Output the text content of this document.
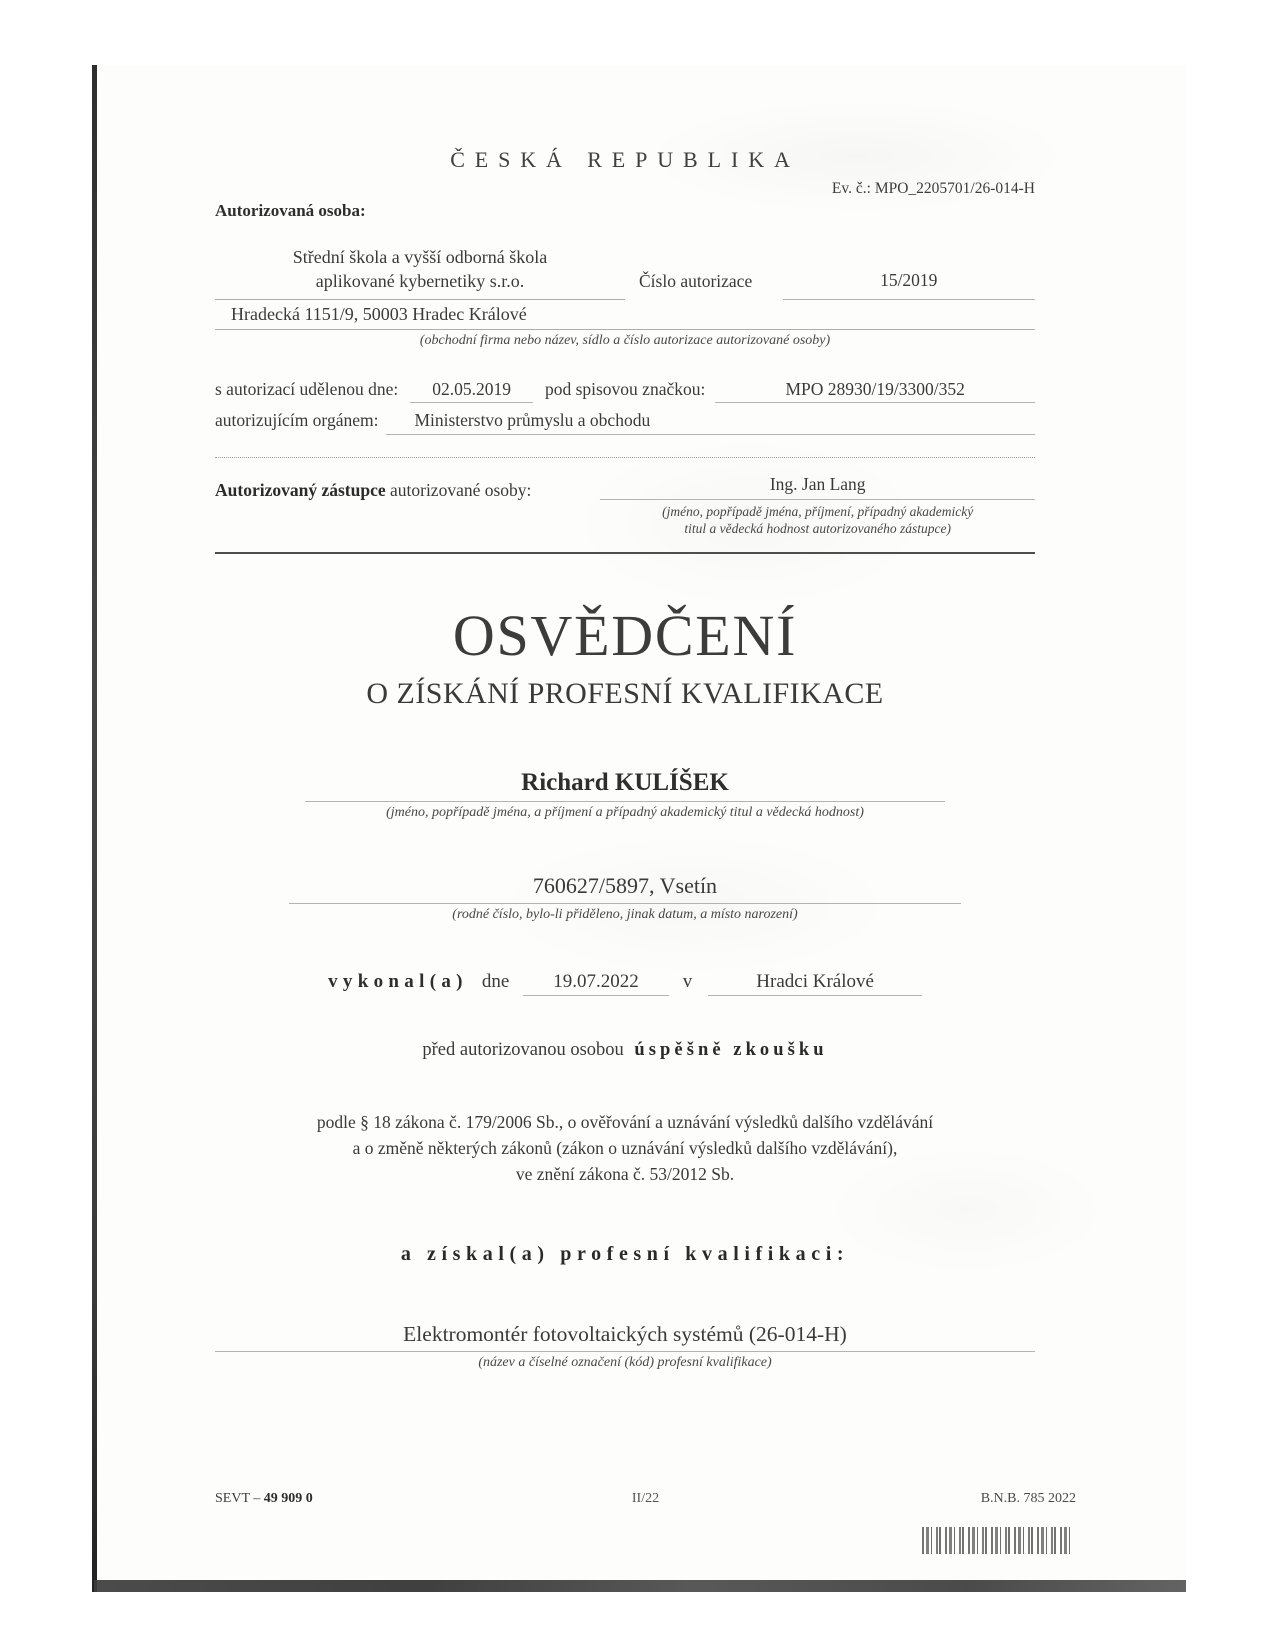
ČESKÁ REPUBLIKA
Ev. č.: MPO_2205701/26-014-H
Autorizovaná osoba:
Střední škola a vyšší odborná škola
aplikované kybernetiky s.r.o.	Číslo autorizace	15/2019
Hradecká 1151/9, 50003 Hradec Králové
(obchodní firma nebo název, sídlo a číslo autorizace autorizované osoby)
s autorizací udělenou dne:	02.05.2019	pod spisovou značkou:	MPO 28930/19/3300/352
autorizujícím orgánem:	Ministerstvo průmyslu a obchodu
Autorizovaný zástupce autorizované osoby:	Ing. Jan Lang
(jméno, popřípadě jména, příjmení, případný akademický
titul a vědecká hodnost autorizovaného zástupce)
OSVĚDČENÍ
O ZÍSKÁNÍ PROFESNÍ KVALIFIKACE
Richard KULÍŠEK
(jméno, popřípadě jména, a příjmení a případný akademický titul a vědecká hodnost)
760627/5897, Vsetín
(rodné číslo, bylo-li přiděleno, jinak datum, a místo narození)
vykonal(a) dne	19.07.2022	v	Hradci Králové
před autorizovanou osobou úspěšně zkoušku
podle § 18 zákona č. 179/2006 Sb., o ověřování a uznávání výsledků dalšího vzdělávání
a o změně některých zákonů (zákon o uznávání výsledků dalšího vzdělávání),
ve znění zákona č. 53/2012 Sb.
a získal(a) profesní kvalifikaci:
Elektromontér fotovoltaických systémů (26-014-H)
(název a číselné označení (kód) profesní kvalifikace)
SEVT – 49 909 0	II/22	B.N.B. 785 2022
